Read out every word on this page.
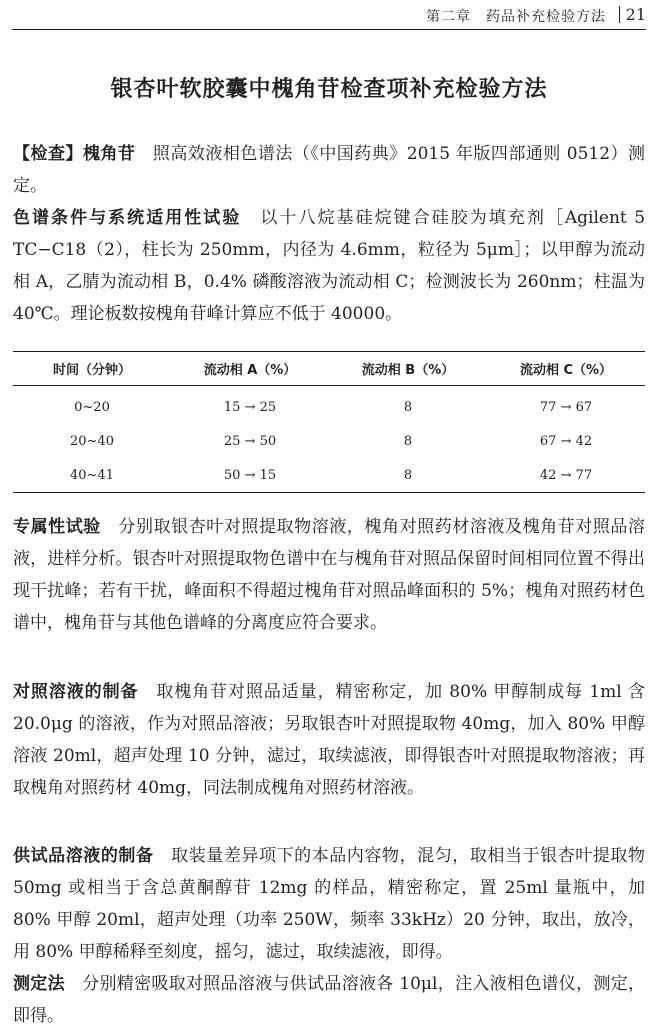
第二章　药品补充检验方法 21
银杏叶软胶囊中槐角苷检查项补充检验方法

【检查】槐角苷　照高效液相色谱法（《中国药典》2015 年版四部通则 0512）测定。

色谱条件与系统适用性试验　以十八烷基硅烷键合硅胶为填充剂［Agilent 5 TC−C18（2），柱长为 250mm，内径为 4.6mm，粒径为 5μm］；以甲醇为流动相 A，乙腈为流动相 B，0.4% 磷酸溶液为流动相 C；检测波长为 260nm；柱温为 40℃。理论板数按槐角苷峰计算应不低于 40000。

时间（分钟）	流动相 A（%）	流动相 B（%）	流动相 C（%）
0~20	15 → 25	8	77 → 67
20~40	25 → 50	8	67 → 42
40~41	50 → 15	8	42 → 77

专属性试验　分别取银杏叶对照提取物溶液，槐角对照药材溶液及槐角苷对照品溶液，进样分析。银杏叶对照提取物色谱中在与槐角苷对照品保留时间相同位置不得出现干扰峰；若有干扰，峰面积不得超过槐角苷对照品峰面积的 5%；槐角对照药材色谱中，槐角苷与其他色谱峰的分离度应符合要求。

对照溶液的制备　取槐角苷对照品适量，精密称定，加 80% 甲醇制成每 1ml 含 20.0μg 的溶液，作为对照品溶液；另取银杏叶对照提取物 40mg，加入 80% 甲醇溶液 20ml，超声处理 10 分钟，滤过，取续滤液，即得银杏叶对照提取物溶液；再取槐角对照药材 40mg，同法制成槐角对照药材溶液。

供试品溶液的制备　取装量差异项下的本品内容物，混匀，取相当于银杏叶提取物 50mg 或相当于含总黄酮醇苷 12mg 的样品，精密称定，置 25ml 量瓶中，加 80% 甲醇 20ml，超声处理（功率 250W，频率 33kHz）20 分钟，取出，放冷，用 80% 甲醇稀释至刻度，摇匀，滤过，取续滤液，即得。

测定法　分别精密吸取对照品溶液与供试品溶液各 10μl，注入液相色谱仪，测定，即得。
